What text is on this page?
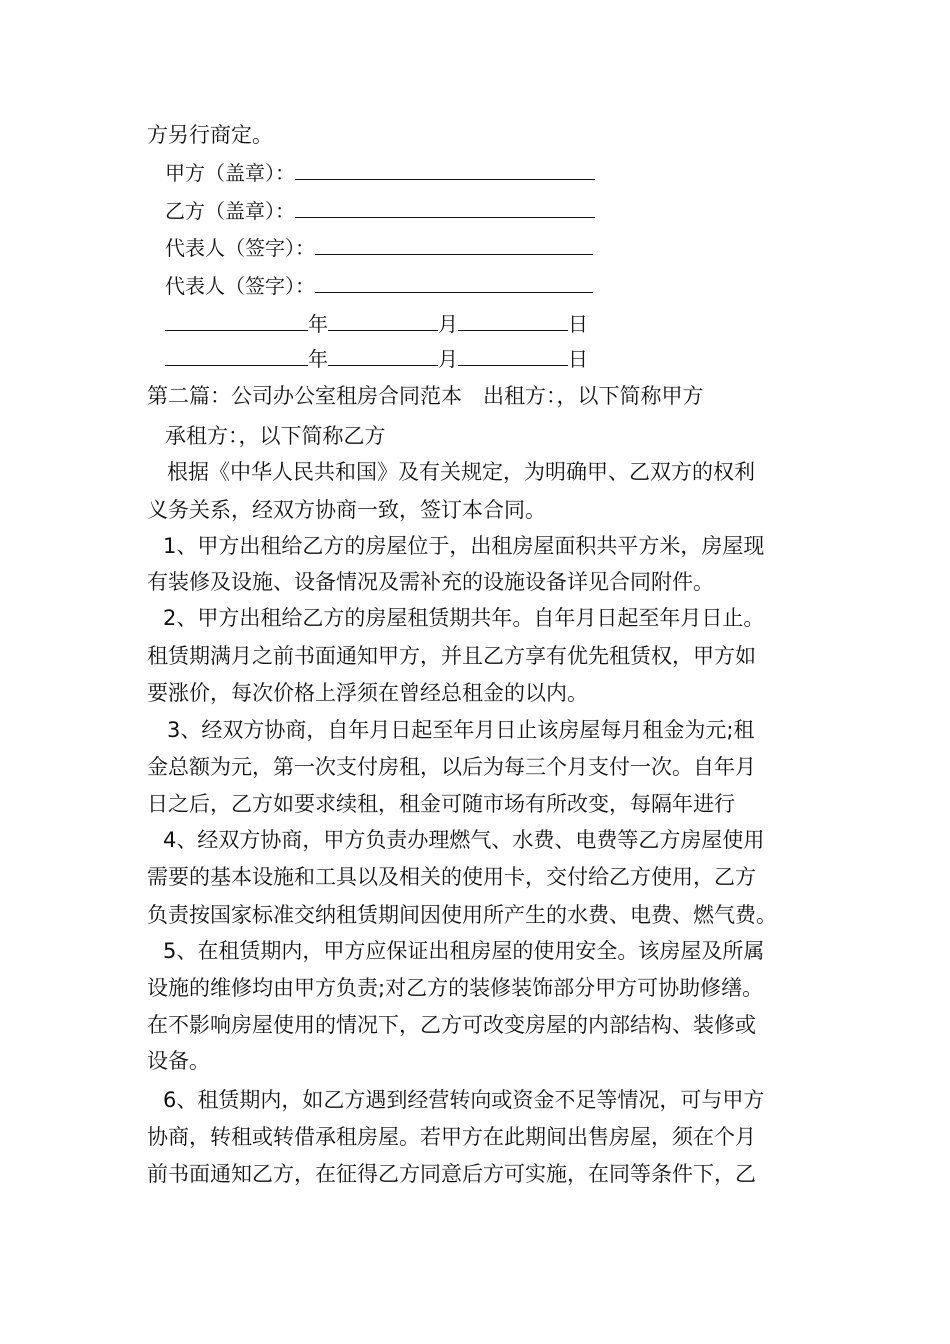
方另行商定。
甲方（盖章）：
乙方（盖章）：
代表人（签字）：
代表人（签字）：
年	月	日
年	月	日
第二篇：公司办公室租房合同范本　出租方：，以下简称甲方
承租方：，以下简称乙方
根据《中华人民共和国》及有关规定，为明确甲、乙双方的权利
义务关系，经双方协商一致，签订本合同。
1、甲方出租给乙方的房屋位于，出租房屋面积共平方米，房屋现
有装修及设施、设备情况及需补充的设施设备详见合同附件。
2、甲方出租给乙方的房屋租赁期共年。自年月日起至年月日止。
租赁期满月之前书面通知甲方，并且乙方享有优先租赁权，甲方如
要涨价，每次价格上浮须在曾经总租金的以内。
3、经双方协商，自年月日起至年月日止该房屋每月租金为元;租
金总额为元，第一次支付房租，以后为每三个月支付一次。自年月
日之后，乙方如要求续租，租金可随市场有所改变，每隔年进行
4、经双方协商，甲方负责办理燃气、水费、电费等乙方房屋使用
需要的基本设施和工具以及相关的使用卡，交付给乙方使用，乙方
负责按国家标准交纳租赁期间因使用所产生的水费、电费、燃气费。
5、在租赁期内，甲方应保证出租房屋的使用安全。该房屋及所属
设施的维修均由甲方负责;对乙方的装修装饰部分甲方可协助修缮。
在不影响房屋使用的情况下，乙方可改变房屋的内部结构、装修或
设备。
6、租赁期内，如乙方遇到经营转向或资金不足等情况，可与甲方
协商，转租或转借承租房屋。若甲方在此期间出售房屋，须在个月
前书面通知乙方，在征得乙方同意后方可实施，在同等条件下，乙
